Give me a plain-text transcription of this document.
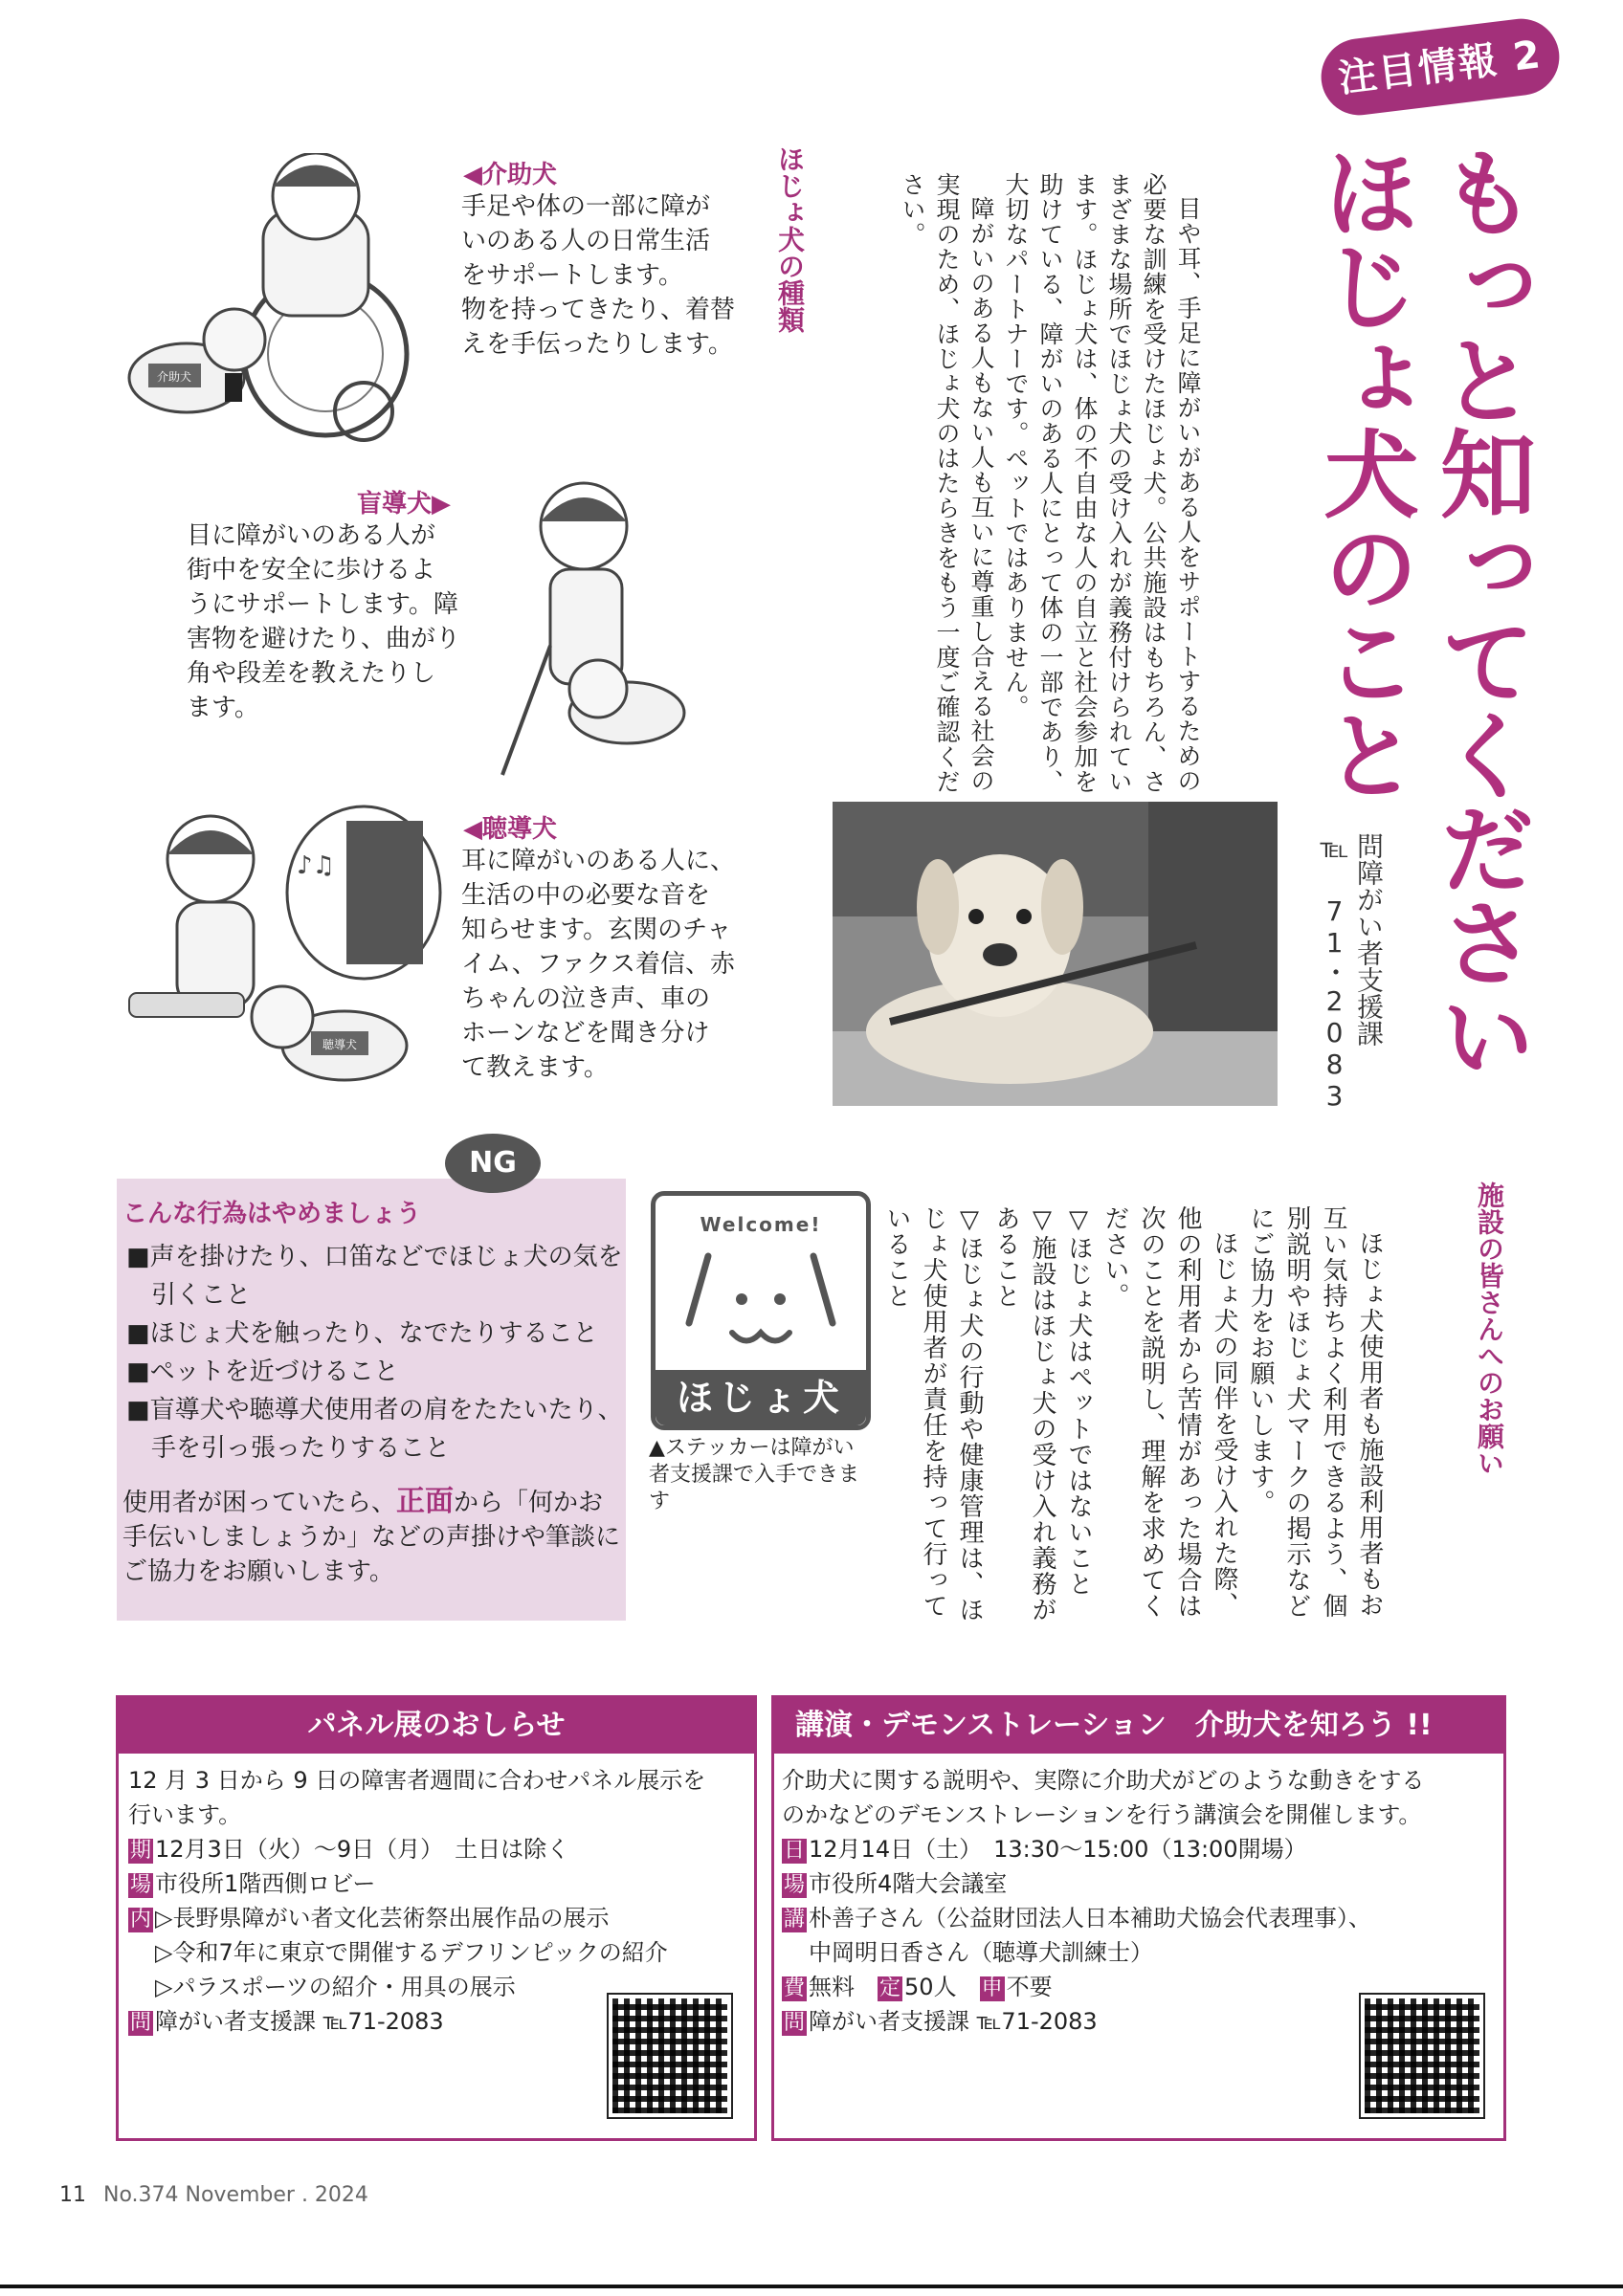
注目情報 2
もっと知ってください
ほじょ犬のこと
問障がい者支援課
℡ 71・2083

目や耳、手足に障がいがある人をサポートするための必要な訓練を受けたほじょ犬。公共施設はもちろん、さまざまな場所でほじょ犬の受け入れが義務付けられています。ほじょ犬は、体の不自由な人の自立と社会参加を助けている、障がいのある人にとって体の一部であり、大切なパートナーです。ペットではありません。

障がいのある人もない人も互いに尊重し合える社会の実現のため、ほじょ犬のはたらきをもう一度ご確認ください。

ほじょ犬の種類
介助犬
◀介助犬
手足や体の一部に障が
いのある人の日常生活
をサポートします。
物を持ってきたり、着替
えを手伝ったりします。
盲導犬▶
目に障がいのある人が
街中を安全に歩けるよ
うにサポートします。障
害物を避けたり、曲がり
角や段差を教えたりし
ます。
♪♫
聴導犬
◀聴導犬
耳に障がいのある人に、
生活の中の必要な音を
知らせます。玄関のチャ
イム、ファクス着信、赤
ちゃんの泣き声、車の
ホーンなどを聞き分け
て教えます。
NG
こんな行為はやめましょう
■声を掛けたり、口笛などでほじょ犬の気を引くこと
■ほじょ犬を触ったり、なでたりすること
■ペットを近づけること
■盲導犬や聴導犬使用者の肩をたたいたり、手を引っ張ったりすること
使用者が困っていたら、正面から「何かお手伝いしましょうか」などの声掛けや筆談にご協力をお願いします。
Welcome!
ほじょ犬
▲ステッカーは障がい者支援課で入手できます
施設の皆さんへのお願い

ほじょ犬使用者も施設利用者もお互い気持ちよく利用できるよう、個別説明やほじょ犬マークの掲示などにご協力をお願いします。

ほじょ犬の同伴を受け入れた際、他の利用者から苦情があった場合は次のことを説明し、理解を求めてください。

▽ほじょ犬はペットではないこと

▽施設はほじょ犬の受け入れ義務があること

▽ほじょ犬の行動や健康管理は、ほじょ犬使用者が責任を持って行っていること

パネル展のおしらせ
12 月 3 日から 9 日の障害者週間に合わせパネル展示を
行います。
期 12月3日（火）～9日（月）　土日は除く
場 市役所1階西側ロビー
内 ▷長野県障がい者文化芸術祭出展作品の展示
▷令和7年に東京で開催するデフリンピックの紹介
▷パラスポーツの紹介・用具の展示
問 障がい者支援課 ℡71-2083
講演・デモンストレーション　介助犬を知ろう !!
介助犬に関する説明や、実際に介助犬がどのような動きをする
のかなどのデモンストレーションを行う講演会を開催します。
日 12月14日（土）　13:30～15:00（13:00開場）
場 市役所4階大会議室
講 朴善子さん（公益財団法人日本補助犬協会代表理事）、
中岡明日香さん（聴導犬訓練士）
費 無料　 定 50人　 申 不要
問 障がい者支援課 ℡71-2083
11 No.374 November . 2024
